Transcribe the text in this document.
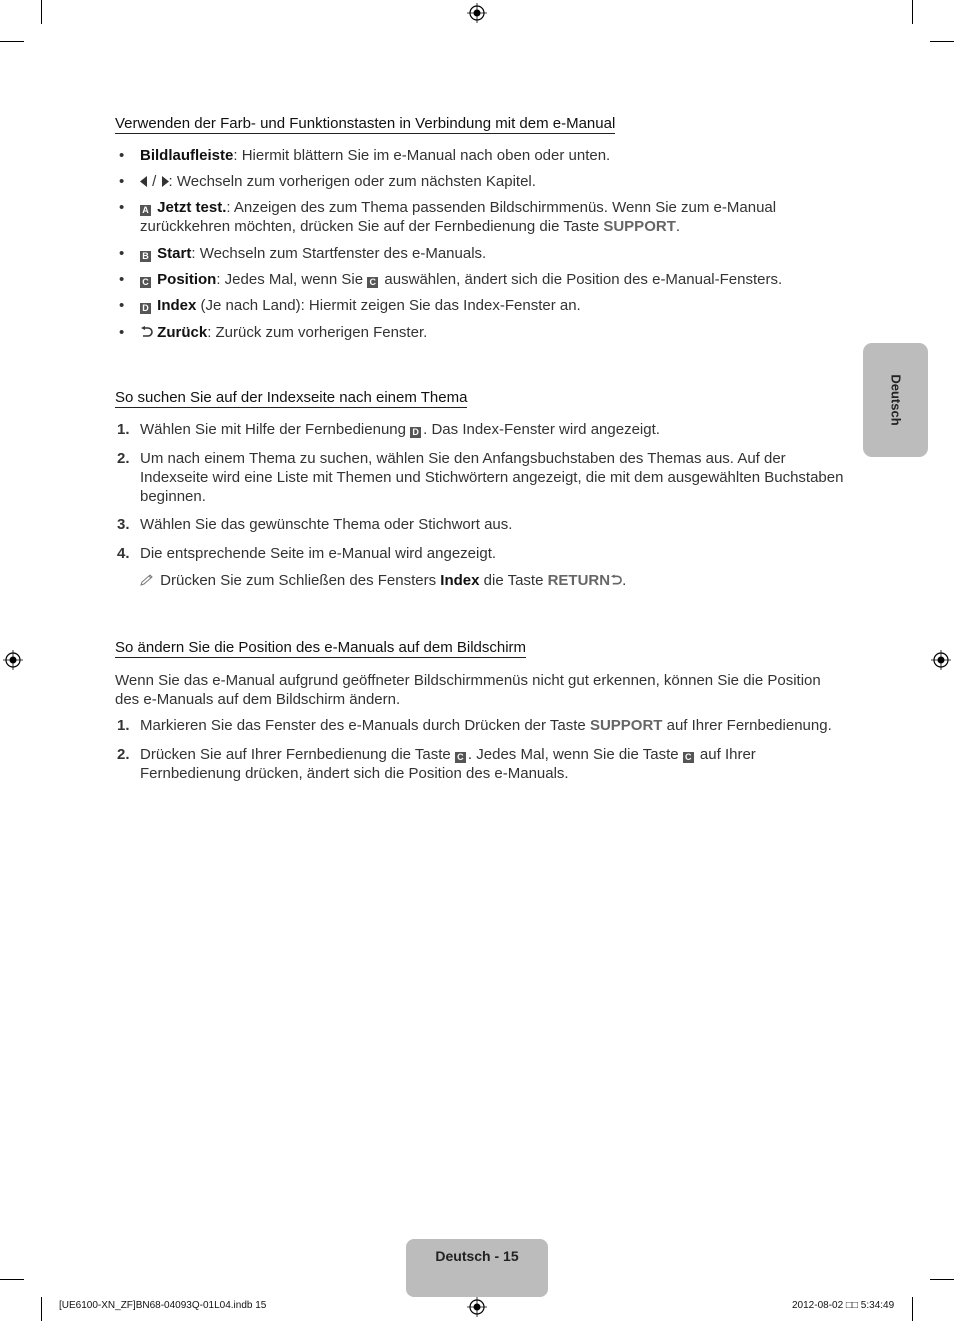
Verwenden der Farb- und Funktionstasten in Verbindung mit dem e-Manual
• Bildlaufleiste: Hiermit blättern Sie im e-Manual nach oben oder unten.
•	/ : Wechseln zum vorherigen oder zum nächsten Kapitel.
• A Jetzt test.: Anzeigen des zum Thema passenden Bildschirmmenüs. Wenn Sie zum e-Manual zurückkehren möchten, drücken Sie auf der Fernbedienung die Taste SUPPORT.
• B Start: Wechseln zum Startfenster des e-Manuals.
• C Position: Jedes Mal, wenn Sie C auswählen, ändert sich die Position des e-Manual-Fensters.
• D Index (Je nach Land): Hiermit zeigen Sie das Index-Fenster an.
•	Zurück: Zurück zum vorherigen Fenster.
So suchen Sie auf der Indexseite nach einem Thema
1. Wählen Sie mit Hilfe der Fernbedienung D . Das Index-Fenster wird angezeigt.
2. Um nach einem Thema zu suchen, wählen Sie den Anfangsbuchstaben des Themas aus. Auf der Indexseite wird eine Liste mit Themen und Stichwörtern angezeigt, die mit dem ausgewählten Buchstaben beginnen.
3. Wählen Sie das gewünschte Thema oder Stichwort aus.
4. Die entsprechende Seite im e-Manual wird angezeigt.
Drücken Sie zum Schließen des Fensters Index die Taste RETURN .
So ändern Sie die Position des e-Manuals auf dem Bildschirm
Wenn Sie das e-Manual aufgrund geöffneter Bildschirmmenüs nicht gut erkennen, können Sie die Position des e-Manuals auf dem Bildschirm ändern.
1. Markieren Sie das Fenster des e-Manuals durch Drücken der Taste SUPPORT auf Ihrer Fernbedienung.
2. Drücken Sie auf Ihrer Fernbedienung die Taste C . Jedes Mal, wenn Sie die Taste C auf Ihrer Fernbedienung drücken, ändert sich die Position des e-Manuals.
Deutsch
Deutsch - 15
[UE6100-XN_ZF]BN68-04093Q-01L04.indb 15	2012-08-02 □□ 5:34:49
